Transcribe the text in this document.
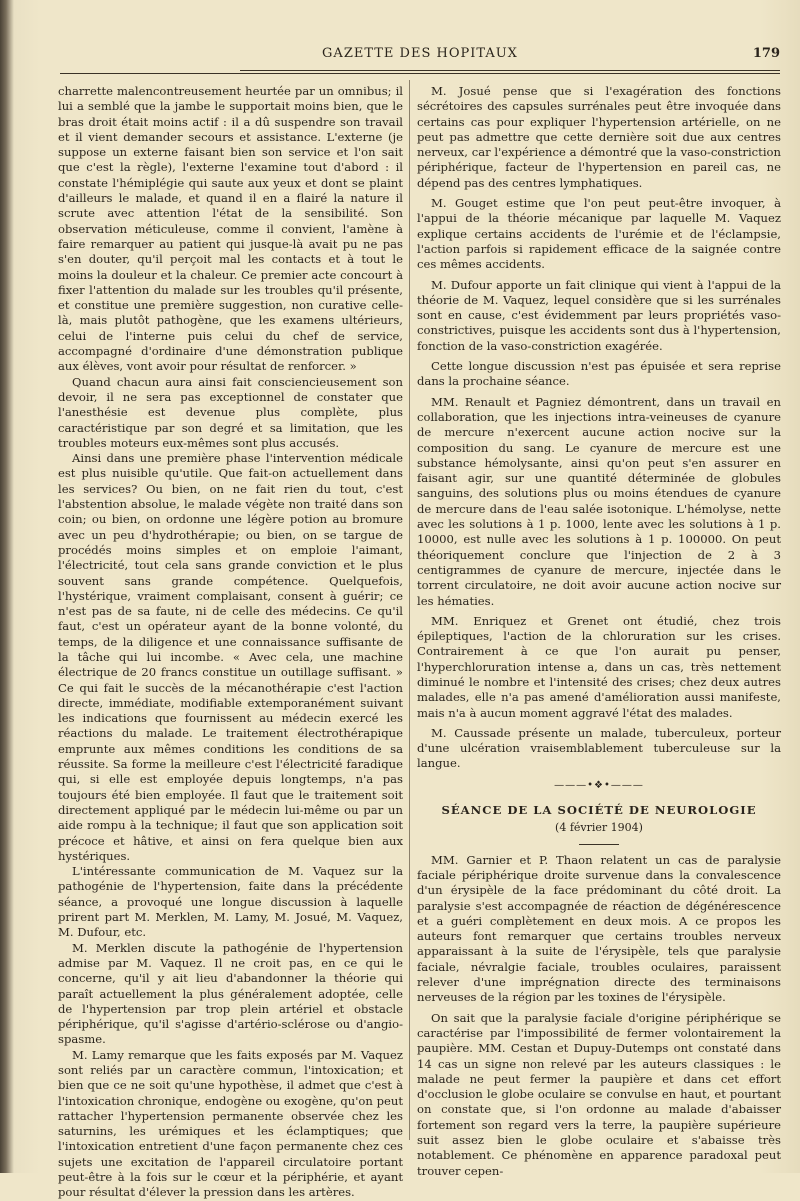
GAZETTE DES HOPITAUX	179

charrette malencontreusement heurtée par un omnibus; il lui a semblé que la jambe le supportait moins bien, que le bras droit était moins actif : il a dû suspendre son travail et il vient demander secours et assistance. L'externe (je suppose un externe faisant bien son service et l'on sait que c'est la règle), l'externe l'examine tout d'abord : il constate l'hémiplégie qui saute aux yeux et dont se plaint d'ailleurs le malade, et quand il en a flairé la nature il scrute avec attention l'état de la sensibilité. Son observation méticuleuse, comme il convient, l'amène à faire remarquer au patient qui jusque-là avait pu ne pas s'en douter, qu'il perçoit mal les contacts et à tout le moins la douleur et la chaleur. Ce premier acte concourt à fixer l'attention du malade sur les troubles qu'il présente, et constitue une première suggestion, non curative celle-là, mais plutôt pathogène, que les examens ultérieurs, celui de l'interne puis celui du chef de service, accompagné d'ordinaire d'une démonstration publique aux élèves, vont avoir pour résultat de renforcer. »

Quand chacun aura ainsi fait consciencieusement son devoir, il ne sera pas exceptionnel de constater que l'anesthésie est devenue plus complète, plus caractéristique par son degré et sa limitation, que les troubles moteurs eux-mêmes sont plus accusés.

Ainsi dans une première phase l'intervention médicale est plus nuisible qu'utile. Que fait-on actuellement dans les services? Ou bien, on ne fait rien du tout, c'est l'abstention absolue, le malade végète non traité dans son coin; ou bien, on ordonne une légère potion au bromure avec un peu d'hydrothérapie; ou bien, on se targue de procédés moins simples et on emploie l'aimant, l'électricité, tout cela sans grande conviction et le plus souvent sans grande compétence. Quelquefois, l'hystérique, vraiment complaisant, consent à guérir; ce n'est pas de sa faute, ni de celle des médecins. Ce qu'il faut, c'est un opérateur ayant de la bonne volonté, du temps, de la diligence et une connaissance suffisante de la tâche qui lui incombe. « Avec cela, une machine électrique de 20 francs constitue un outillage suffisant. » Ce qui fait le succès de la mécanothérapie c'est l'action directe, immédiate, modifiable extemporanément suivant les indications que fournissent au médecin exercé les réactions du malade. Le traitement électrothérapique emprunte aux mêmes conditions les conditions de sa réussite. Sa forme la meilleure c'est l'électricité faradique qui, si elle est employée depuis longtemps, n'a pas toujours été bien employée. Il faut que le traitement soit directement appliqué par le médecin lui-même ou par un aide rompu à la technique; il faut que son application soit précoce et hâtive, et ainsi on fera quelque bien aux hystériques.

L'intéressante communication de M. Vaquez sur la pathogénie de l'hypertension, faite dans la précédente séance, a provoqué une longue discussion à laquelle prirent part M. Merklen, M. Lamy, M. Josué, M. Vaquez, M. Dufour, etc.

M. Merklen discute la pathogénie de l'hypertension admise par M. Vaquez. Il ne croit pas, en ce qui le concerne, qu'il y ait lieu d'abandonner la théorie qui paraît actuellement la plus généralement adoptée, celle de l'hypertension par trop plein artériel et obstacle périphérique, qu'il s'agisse d'artério-sclérose ou d'angio-spasme.

M. Lamy remarque que les faits exposés par M. Vaquez sont reliés par un caractère commun, l'intoxication; et bien que ce ne soit qu'une hypothèse, il admet que c'est à l'intoxication chronique, endogène ou exogène, qu'on peut rattacher l'hypertension permanente observée chez les saturnins, les urémiques et les éclamptiques; que l'intoxication entretient d'une façon permanente chez ces sujets une excitation de l'appareil circulatoire portant peut-être à la fois sur le cœur et la périphérie, et ayant pour résultat d'élever la pression dans les artères.

M. Josué pense que si l'exagération des fonctions sécrétoires des capsules surrénales peut être invoquée dans certains cas pour expliquer l'hypertension artérielle, on ne peut pas admettre que cette dernière soit due aux centres nerveux, car l'expérience a démontré que la vaso-constriction périphérique, facteur de l'hypertension en pareil cas, ne dépend pas des centres lymphatiques.

M. Gouget estime que l'on peut peut-être invoquer, à l'appui de la théorie mécanique par laquelle M. Vaquez explique certains accidents de l'urémie et de l'éclampsie, l'action parfois si rapidement efficace de la saignée contre ces mêmes accidents.

M. Dufour apporte un fait clinique qui vient à l'appui de la théorie de M. Vaquez, lequel considère que si les surrénales sont en cause, c'est évidemment par leurs propriétés vaso-constrictives, puisque les accidents sont dus à l'hypertension, fonction de la vaso-constriction exagérée.

Cette longue discussion n'est pas épuisée et sera reprise dans la prochaine séance.

MM. Renault et Pagniez démontrent, dans un travail en collaboration, que les injections intra-veineuses de cyanure de mercure n'exercent aucune action nocive sur la composition du sang. Le cyanure de mercure est une substance hémolysante, ainsi qu'on peut s'en assurer en faisant agir, sur une quantité déterminée de globules sanguins, des solutions plus ou moins étendues de cyanure de mercure dans de l'eau salée isotonique. L'hémolyse, nette avec les solutions à 1 p. 1000, lente avec les solutions à 1 p. 10000, est nulle avec les solutions à 1 p. 100000. On peut théoriquement conclure que l'injection de 2 à 3 centigrammes de cyanure de mercure, injectée dans le torrent circulatoire, ne doit avoir aucune action nocive sur les hématies.

MM. Enriquez et Grenet ont étudié, chez trois épileptiques, l'action de la chloruration sur les crises. Contrairement à ce que l'on aurait pu penser, l'hyperchloruration intense a, dans un cas, très nettement diminué le nombre et l'intensité des crises; chez deux autres malades, elle n'a pas amené d'amélioration aussi manifeste, mais n'a à aucun moment aggravé l'état des malades.

M. Caussade présente un malade, tuberculeux, porteur d'une ulcération vraisemblablement tuberculeuse sur la langue.

———•❖•———
SÉANCE DE LA SOCIÉTÉ DE NEUROLOGIE
(4 février 1904)

MM. Garnier et P. Thaon relatent un cas de paralysie faciale périphérique droite survenue dans la convalescence d'un érysipèle de la face prédominant du côté droit. La paralysie s'est accompagnée de réaction de dégénérescence et a guéri complètement en deux mois. A ce propos les auteurs font remarquer que certains troubles nerveux apparaissant à la suite de l'érysipèle, tels que paralysie faciale, névralgie faciale, troubles oculaires, paraissent relever d'une imprégnation directe des terminaisons nerveuses de la région par les toxines de l'érysipèle.

On sait que la paralysie faciale d'origine périphérique se caractérise par l'impossibilité de fermer volontairement la paupière. MM. Cestan et Dupuy-Dutemps ont constaté dans 14 cas un signe non relevé par les auteurs classiques : le malade ne peut fermer la paupière et dans cet effort d'occlusion le globe oculaire se convulse en haut, et pourtant on constate que, si l'on ordonne au malade d'abaisser fortement son regard vers la terre, la paupière supérieure suit assez bien le globe oculaire et s'abaisse très notablement. Ce phénomène en apparence paradoxal peut trouver cepen-
